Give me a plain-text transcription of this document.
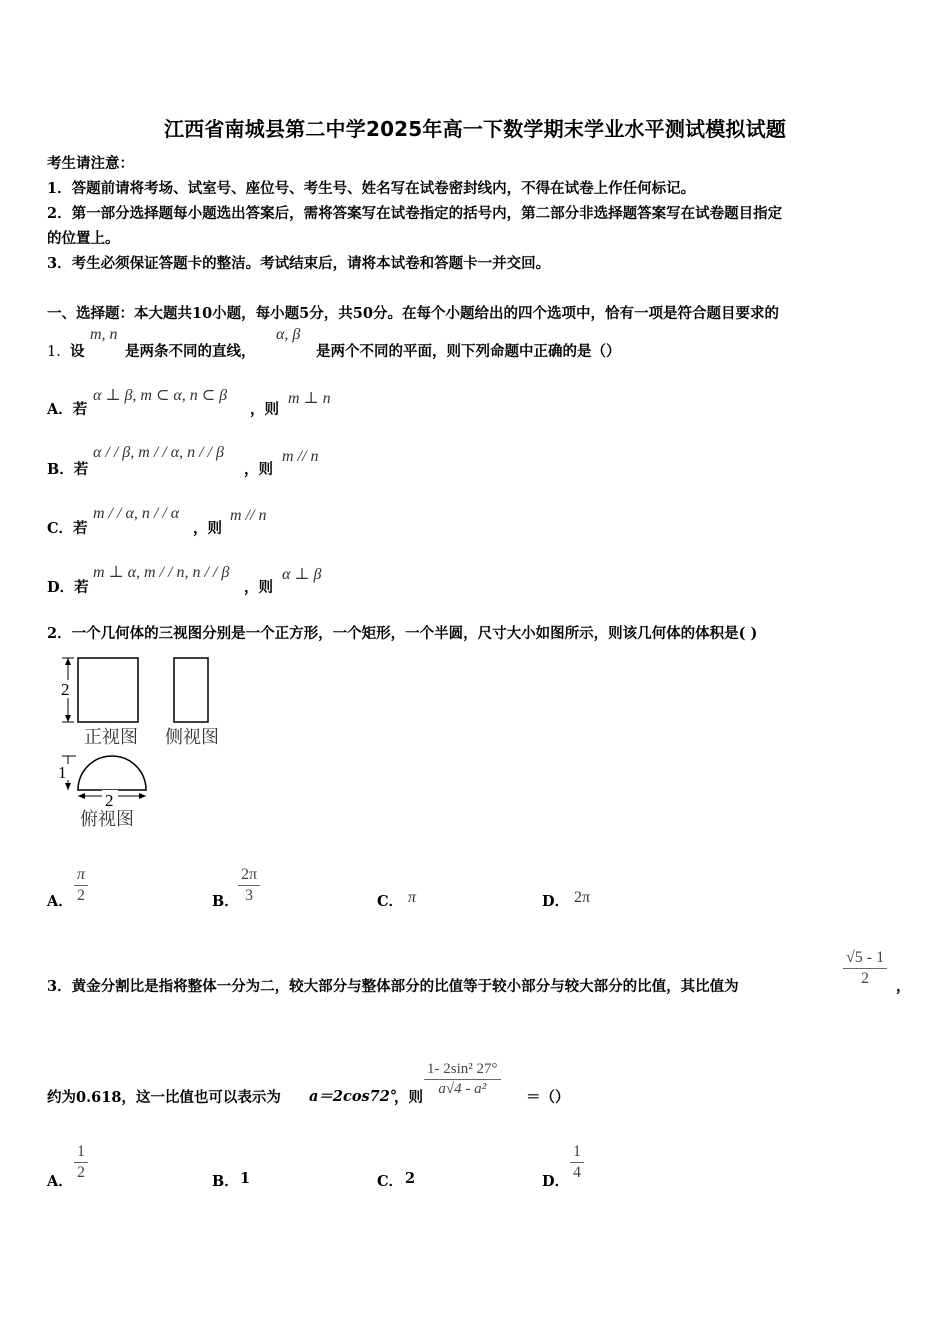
江西省南城县第二中学2025年高一下数学期末学业水平测试模拟试题
考生请注意：
1．答题前请将考场、试室号、座位号、考生号、姓名写在试卷密封线内，不得在试卷上作任何标记。
2．第一部分选择题每小题选出答案后，需将答案写在试卷指定的括号内，第二部分非选择题答案写在试卷题目指定
的位置上。
3．考生必须保证答题卡的整洁。考试结束后，请将本试卷和答题卡一并交回。
一、选择题：本大题共10小题，每小题5分，共50分。在每个小题给出的四个选项中，恰有一项是符合题目要求的
1． 设
m, n
是两条不同的直线，
α, β
是两个不同的平面，则下列命题中正确的是（）
A．若
α ⊥ β, m ⊂ α, n ⊂ β
，则
m ⊥ n
B．若
α / / β, m / / α, n / / β
，则
m // n
C．若
m / / α, n / / α
，则
m // n
D．若
m ⊥ α, m / / n, n / / β
，则
α ⊥ β
2．一个几何体的三视图分别是一个正方形，一个矩形，一个半圆，尺寸大小如图所示，则该几何体的体积是( )
2
正视图 侧视图
1
2
俯视图
A． $\frac{\pi}{2}$	B． $\frac{2\pi}{3}$	C． π	D． 2π
3．黄金分割比是指将整体一分为二，较大部分与整体部分的比值等于较小部分与较大部分的比值，其比值为	$\frac{√5 - 1}{2}$ ，
约为0.618，这一比值也可以表示为 a＝2cos72°
，则 $\frac{\text{1- 2sin² 27°}}{\text{a√4 - a²}}$ ＝（）
A． $\frac{1}{2}$	B． 1	C． 2	D． $\frac{1}{4}$
